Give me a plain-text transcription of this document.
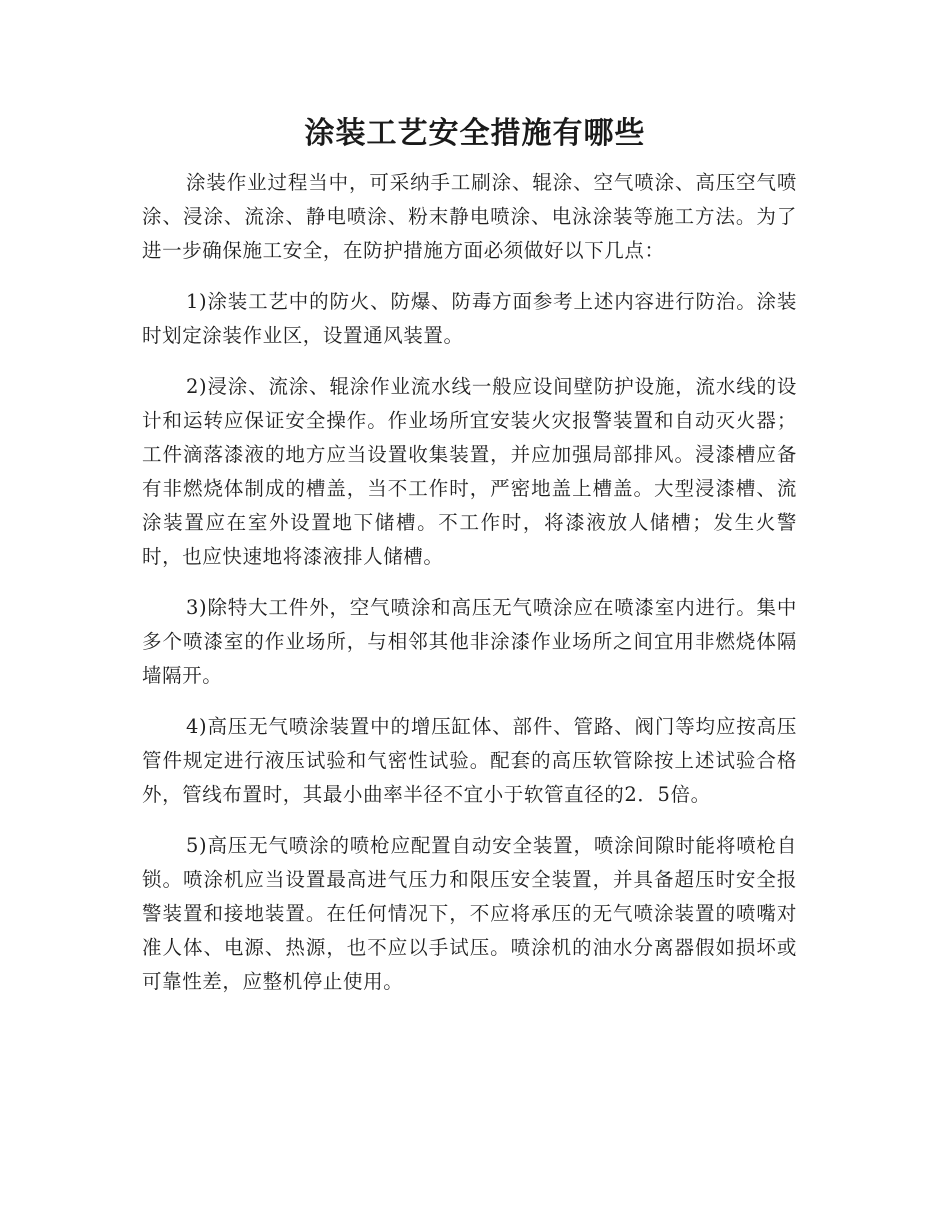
涂装工艺安全措施有哪些

涂装作业过程当中，可采纳手工刷涂、辊涂、空气喷涂、高压空气喷涂、浸涂、流涂、静电喷涂、粉末静电喷涂、电泳涂装等施工方法。为了进一步确保施工安全，在防护措施方面必须做好以下几点：

1)涂装工艺中的防火、防爆、防毒方面参考上述内容进行防治。涂装时划定涂装作业区，设置通风装置。

2)浸涂、流涂、辊涂作业流水线一般应设间壁防护设施，流水线的设计和运转应保证安全操作。作业场所宜安装火灾报警装置和自动灭火器；工件滴落漆液的地方应当设置收集装置，并应加强局部排风。浸漆槽应备有非燃烧体制成的槽盖，当不工作时，严密地盖上槽盖。大型浸漆槽、流涂装置应在室外设置地下储槽。不工作时，将漆液放人储槽；发生火警时，也应快速地将漆液排人储槽。

3)除特大工件外，空气喷涂和高压无气喷涂应在喷漆室内进行。集中多个喷漆室的作业场所，与相邻其他非涂漆作业场所之间宜用非燃烧体隔墙隔开。

4)高压无气喷涂装置中的增压缸体、部件、管路、阀门等均应按高压管件规定进行液压试验和气密性试验。配套的高压软管除按上述试验合格外，管线布置时，其最小曲率半径不宜小于软管直径的2．5倍。

5)高压无气喷涂的喷枪应配置自动安全装置，喷涂间隙时能将喷枪自锁。喷涂机应当设置最高进气压力和限压安全装置，并具备超压时安全报警装置和接地装置。在任何情况下，不应将承压的无气喷涂装置的喷嘴对准人体、电源、热源，也不应以手试压。喷涂机的油水分离器假如损坏或可靠性差，应整机停止使用。
